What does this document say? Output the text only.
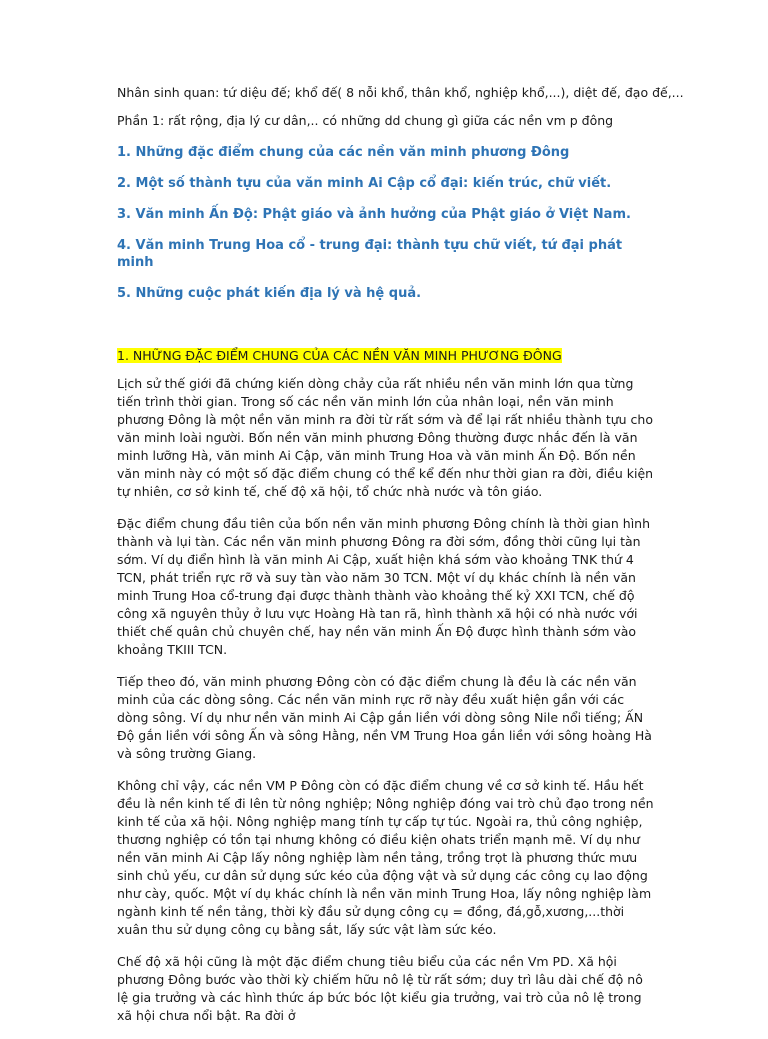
Nhân sinh quan: tứ diệu đế; khổ đế( 8 nỗi khổ, thân khổ, nghiệp khổ,...), diệt đế, đạo đế,...

Phần 1: rất rộng, địa lý cư dân,.. có những dd chung gì giữa các nền vm p đông

1. Những đặc điểm chung của các nền văn minh phương Đông

2. Một số thành tựu của văn minh Ai Cập cổ đại: kiến trúc, chữ viết.

3. Văn minh Ấn Độ: Phật giáo và ảnh hưởng của Phật giáo ở Việt Nam.

4. Văn minh Trung Hoa cổ - trung đại: thành tựu chữ viết, tứ đại phát minh

5. Những cuộc phát kiến địa lý và hệ quả.

1. NHỮNG ĐẶC ĐIỂM CHUNG CỦA CÁC NỀN VĂN MINH PHƯƠNG ĐÔNG

Lịch sử thế giới đã chứng kiến dòng chảy của rất nhiều nền văn minh lớn qua từng tiến trình thời gian. Trong số các nền văn minh lớn của nhân loại, nền văn minh phương Đông là một nền văn minh ra đời từ rất sớm và để lại rất nhiều thành tựu cho văn minh loài người. Bốn nền văn minh phương Đông thường được nhắc đến là văn minh lưỡng Hà, văn minh Ai Cập, văn minh Trung Hoa và văn minh Ấn Độ. Bốn nền văn minh này có một số đặc điểm chung có thể kể đến như thời gian ra đời, điều kiện tự nhiên, cơ sở kinh tế, chế độ xã hội, tổ chức nhà nước và tôn giáo.

Đặc điểm chung đầu tiên của bốn nền văn minh phương Đông chính là thời gian hình thành và lụi tàn. Các nền văn minh phương Đông ra đời sớm, đồng thời cũng lụi tàn sớm. Ví dụ điển hình là văn minh Ai Cập, xuất hiện khá sớm vào khoảng TNK thứ 4 TCN, phát triển rực rỡ và suy tàn vào năm 30 TCN. Một ví dụ khác chính là nền văn minh Trung Hoa cổ-trung đại được thành thành vào khoảng thế kỷ XXI TCN, chế độ công xã nguyên thủy ở lưu vực Hoàng Hà tan rã, hình thành xã hội có nhà nước với thiết chế quân chủ chuyên chế, hay nền văn minh Ấn Độ được hình thành sớm vào khoảng TKIII TCN.

Tiếp theo đó, văn minh phương Đông còn có đặc điểm chung là đều là các nền văn minh của các dòng sông. Các nền văn minh rực rỡ này đều xuất hiện gần với các dòng sông. Ví dụ như nền văn minh Ai Cập gắn liền với dòng sông Nile nổi tiếng; ẤN Độ gắn liền với sông Ấn và sông Hằng, nền VM Trung Hoa gắn liền với sông hoàng Hà và sông trường Giang.

Không chỉ vậy, các nền VM P Đông còn có đặc điểm chung về cơ sở kinh tế. Hầu hết đều là nền kinh tế đi lên từ nông nghiệp; Nông nghiệp đóng vai trò chủ đạo trong nền kinh tế của xã hội. Nông nghiệp mang tính tự cấp tự túc. Ngoài ra, thủ công nghiệp, thương nghiệp có tồn tại nhưng không có điều kiện ohats triển mạnh mẽ. Ví dụ như nền văn minh Ai Cập lấy nông nghiệp làm nền tảng, trồng trọt là phương thức mưu sinh chủ yếu, cư dân sử dụng sức kéo của động vật và sử dụng các công cụ lao động như cày, quốc. Một ví dụ khác chính là nền văn minh Trung Hoa, lấy nông nghiệp làm ngành kinh tế nền tảng, thời kỳ đầu sử dụng công cụ = đồng, đá,gỗ,xương,...thời xuân thu sử dụng công cụ bằng sắt, lấy sức vật làm sức kéo.

Chế độ xã hội cũng là một đặc điểm chung tiêu biểu của các nền Vm PD. Xã hội phương Đông bước vào thời kỳ chiếm hữu nô lệ từ rất sớm; duy trì lâu dài chế độ nô lệ gia trưởng và các hình thức áp bức bóc lột kiểu gia trưởng, vai trò của nô lệ trong xã hội chưa nổi bật. Ra đời ở
